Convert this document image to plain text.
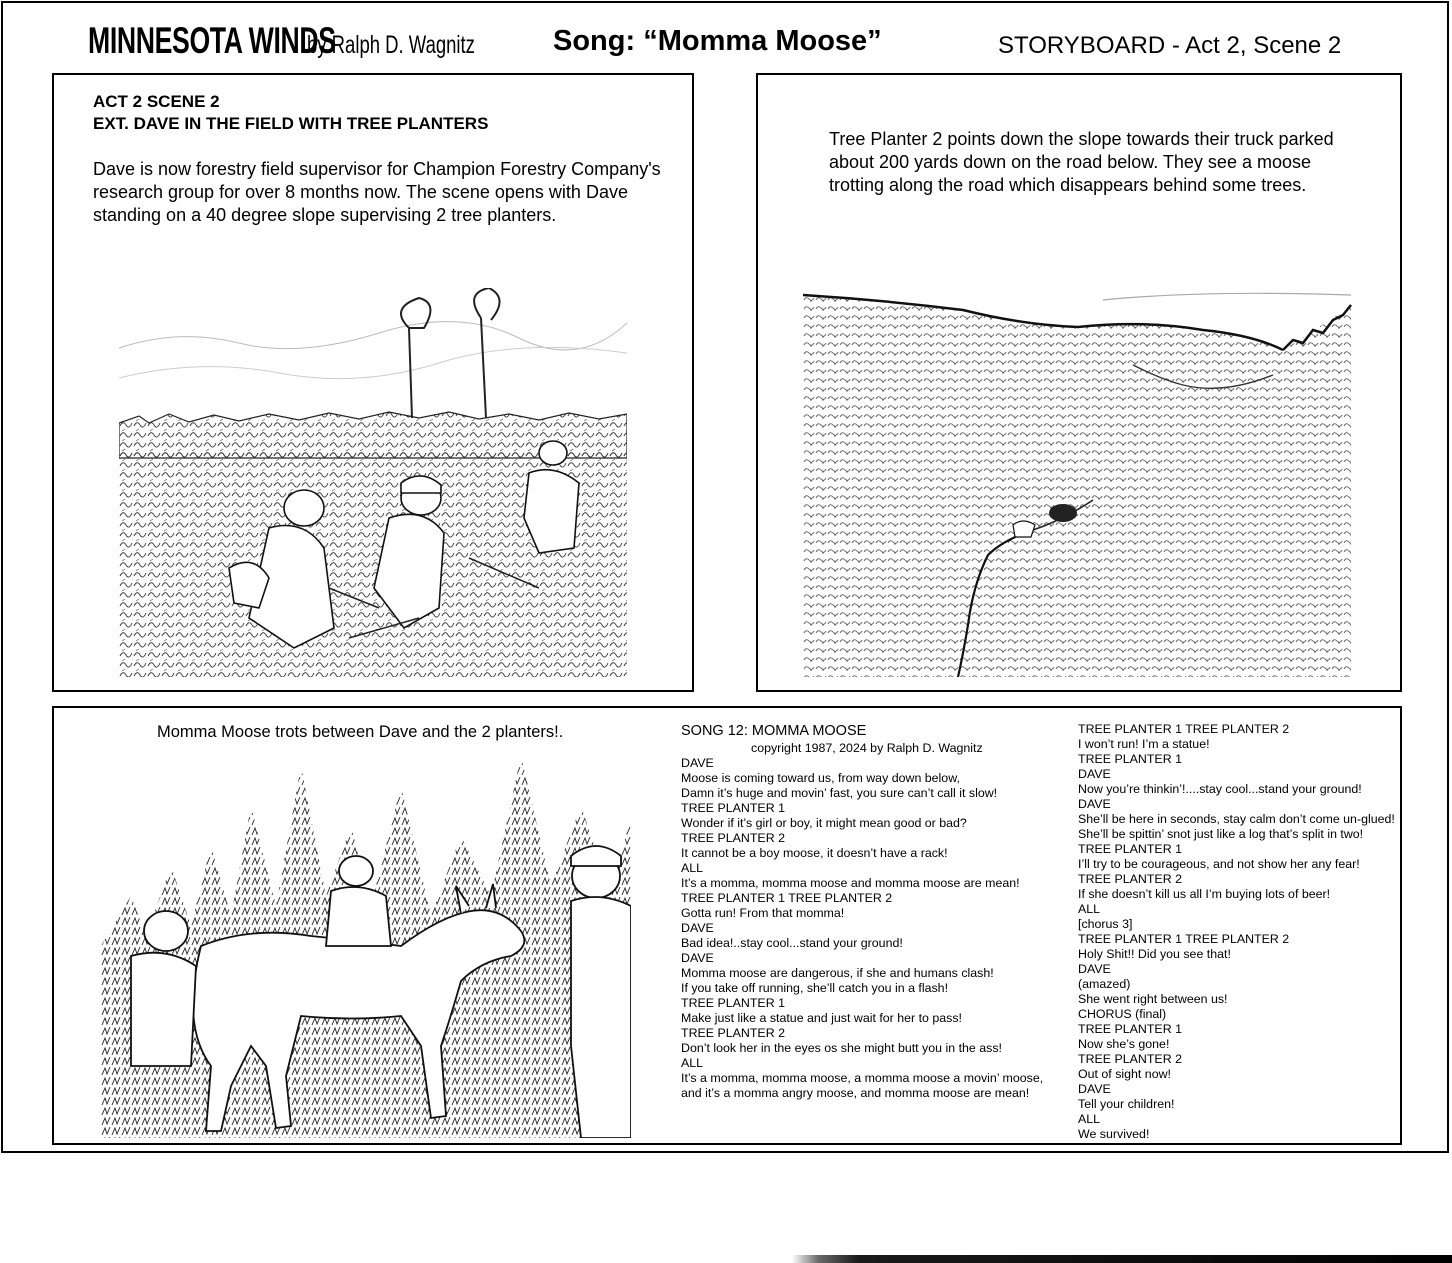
MINNESOTA WINDS
by Ralph D. Wagnitz	Song: “Momma Moose”	STORYBOARD - Act 2, Scene 2
ACT 2 SCENE 2
EXT. DAVE IN THE FIELD WITH TREE PLANTERS
Dave is now forestry field supervisor for Champion Forestry Company's
research group for over 8 months now. The scene opens with Dave
standing on a 40 degree slope supervising 2 tree planters.
Tree Planter 2 points down the slope towards their truck parked
about 200 yards down on the road below. They see a moose
trotting along the road which disappears behind some trees.
Momma Moose trots between Dave and the 2 planters!.	SONG 12: MOMMA MOOSE
copyright 1987, 2024 by Ralph D. Wagnitz
DAVE
Moose is coming toward us, from way down below,
Damn it’s huge and movin’ fast, you sure can’t call it slow!
TREE PLANTER 1
Wonder if it’s girl or boy, it might mean good or bad?
TREE PLANTER 2
It cannot be a boy moose, it doesn’t have a rack!
ALL
It’s a momma, momma moose and momma moose are mean!
TREE PLANTER 1 TREE PLANTER 2
Gotta run! From that momma!
DAVE
Bad idea!..stay cool...stand your ground!
DAVE
Momma moose are dangerous, if she and humans clash!
If you take off running, she’ll catch you in a flash!
TREE PLANTER 1
Make just like a statue and just wait for her to pass!
TREE PLANTER 2
Don’t look her in the eyes os she might butt you in the ass!
ALL
It’s a momma, momma moose, a momma moose a movin’ moose,
and it’s a momma angry moose, and momma moose are mean!
TREE PLANTER 1 TREE PLANTER 2
I won’t run! I’m a statue!
TREE PLANTER 1
DAVE
Now you’re thinkin’!....stay cool...stand your ground!
DAVE
She’ll be here in seconds, stay calm don’t come un-glued!
She’ll be spittin’ snot just like a log that’s split in two!
TREE PLANTER 1
I’ll try to be courageous, and not show her any fear!
TREE PLANTER 2
If she doesn’t kill us all I’m buying lots of beer!
ALL
[chorus 3]
TREE PLANTER 1 TREE PLANTER 2
Holy Shit!! Did you see that!
DAVE
(amazed)
She went right between us!
CHORUS (final)
TREE PLANTER 1
Now she’s gone!
TREE PLANTER 2
Out of sight now!
DAVE
Tell your children!
ALL
We survived!
